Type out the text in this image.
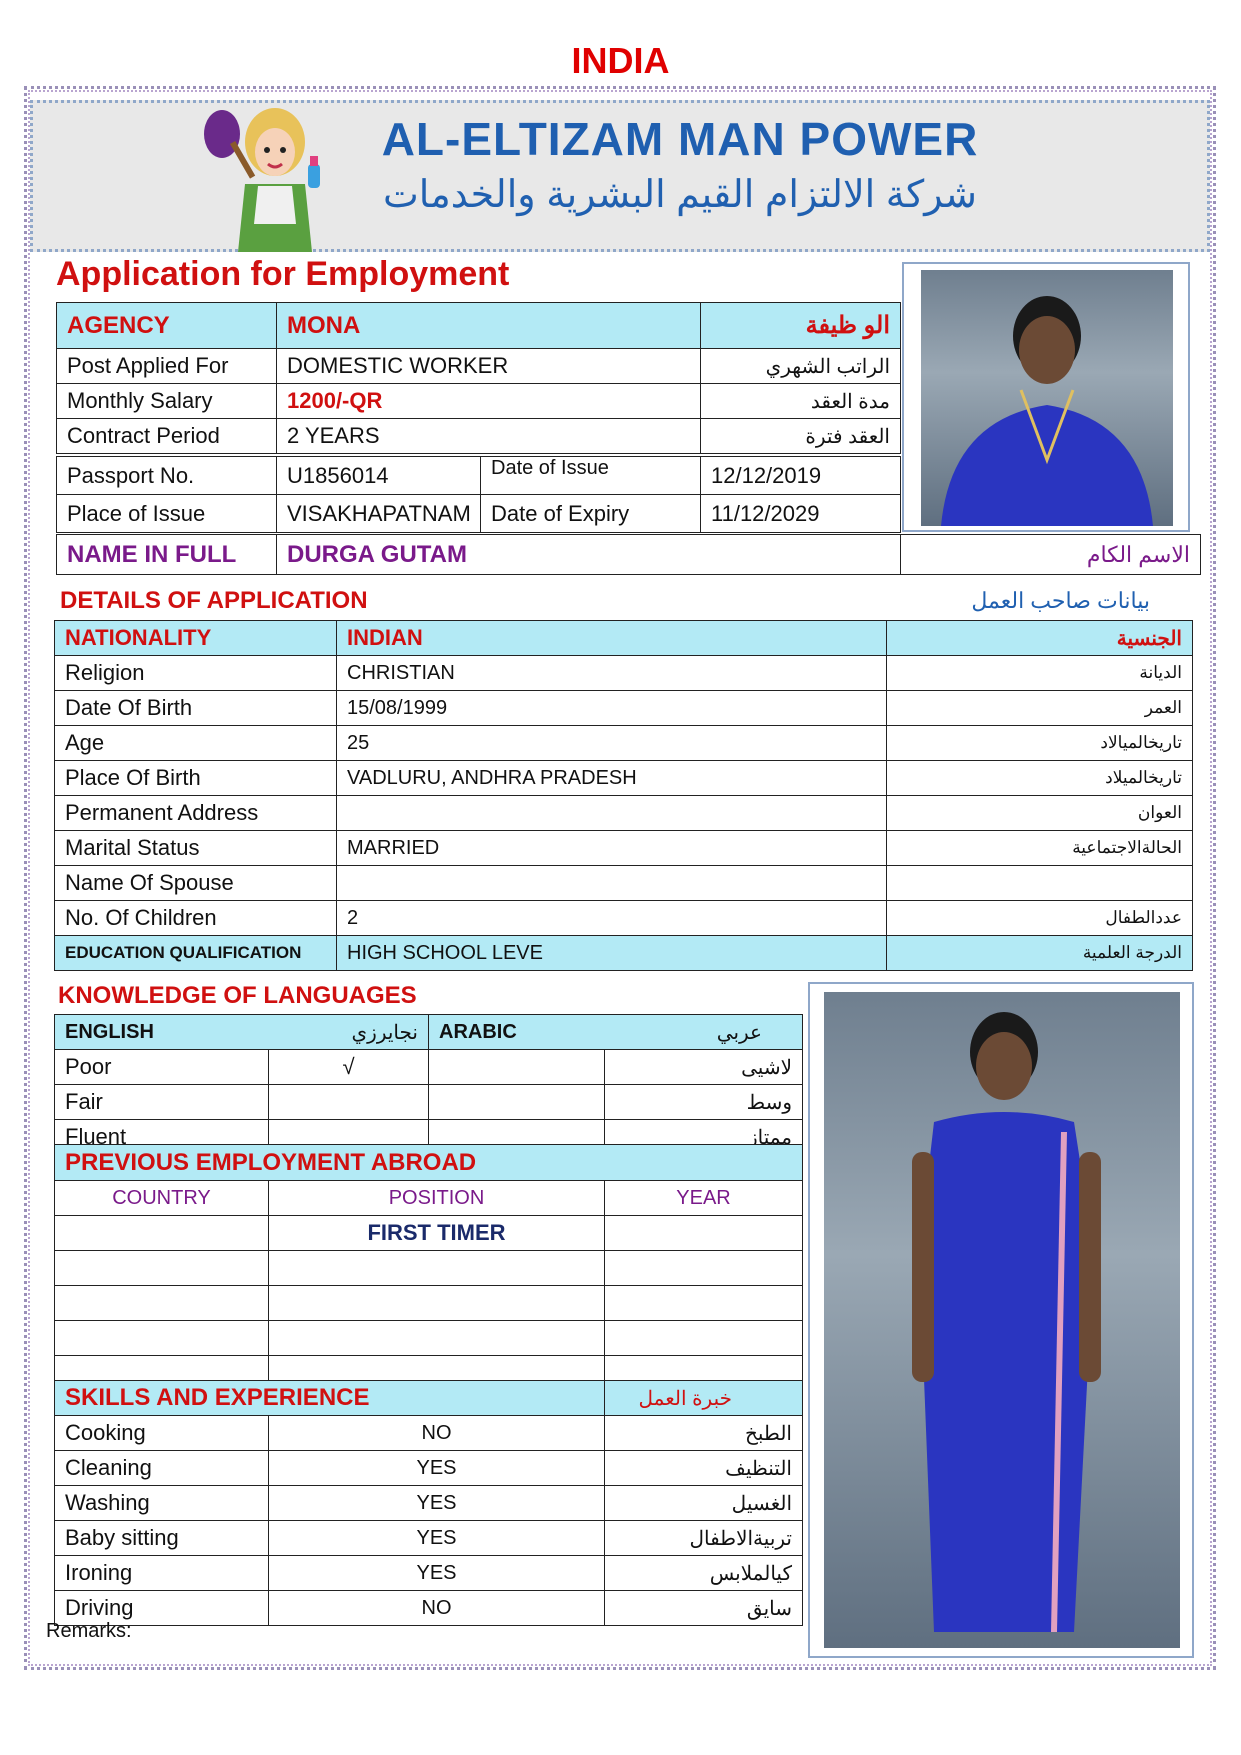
INDIA
AL-ELTIZAM MAN POWER
شركة الالتزام القيم البشرية والخدمات
Application for Employment
AGENCY	MONA	الو ظيفة
Post Applied For	DOMESTIC WORKER	الراتب الشهري
Monthly Salary	1200/-QR	مدة العقد
Contract Period	2 YEARS	العقد فترة
Passport No.	U1856014	Date of Issue	12/12/2019
Place of Issue	VISAKHAPATNAM	Date of Expiry	11/12/2029
NAME IN FULL	DURGA GUTAM	الاسم الكام
DETAILS OF APPLICATION	بيانات صاحب العمل
NATIONALITY	INDIAN	الجنسية
Religion	CHRISTIAN	الديانة
Date Of Birth	15/08/1999	العمر
Age	25	تاريخالميالاد
Place Of Birth	VADLURU, ANDHRA PRADESH	تاريخالميلاد
Permanent Address		العوان
Marital Status	MARRIED	الحالةالاجتماعية
Name Of Spouse		
No. Of Children	2	عددالطفال
EDUCATION QUALIFICATION	HIGH SCHOOL LEVE	الدرجة العلمية
KNOWLEDGE OF LANGUAGES
ENGLISH	نجايرزي	ARABIC	عربي
Poor	√		لاشيى
Fair			وسط
Fluent			ممتاز
PREVIOUS EMPLOYMENT ABROAD		
COUNTRY	POSITION	YEAR
	FIRST TIMER	

SKILLS AND EXPERIENCE		خبرة العمل
Cooking	NO	الطبخ
Cleaning	YES	التنظيف
Washing	YES	الغسيل
Baby sitting	YES	تربيةالاطفال
Ironing	YES	كيالملابس
Driving	NO	سايق
Remarks:
